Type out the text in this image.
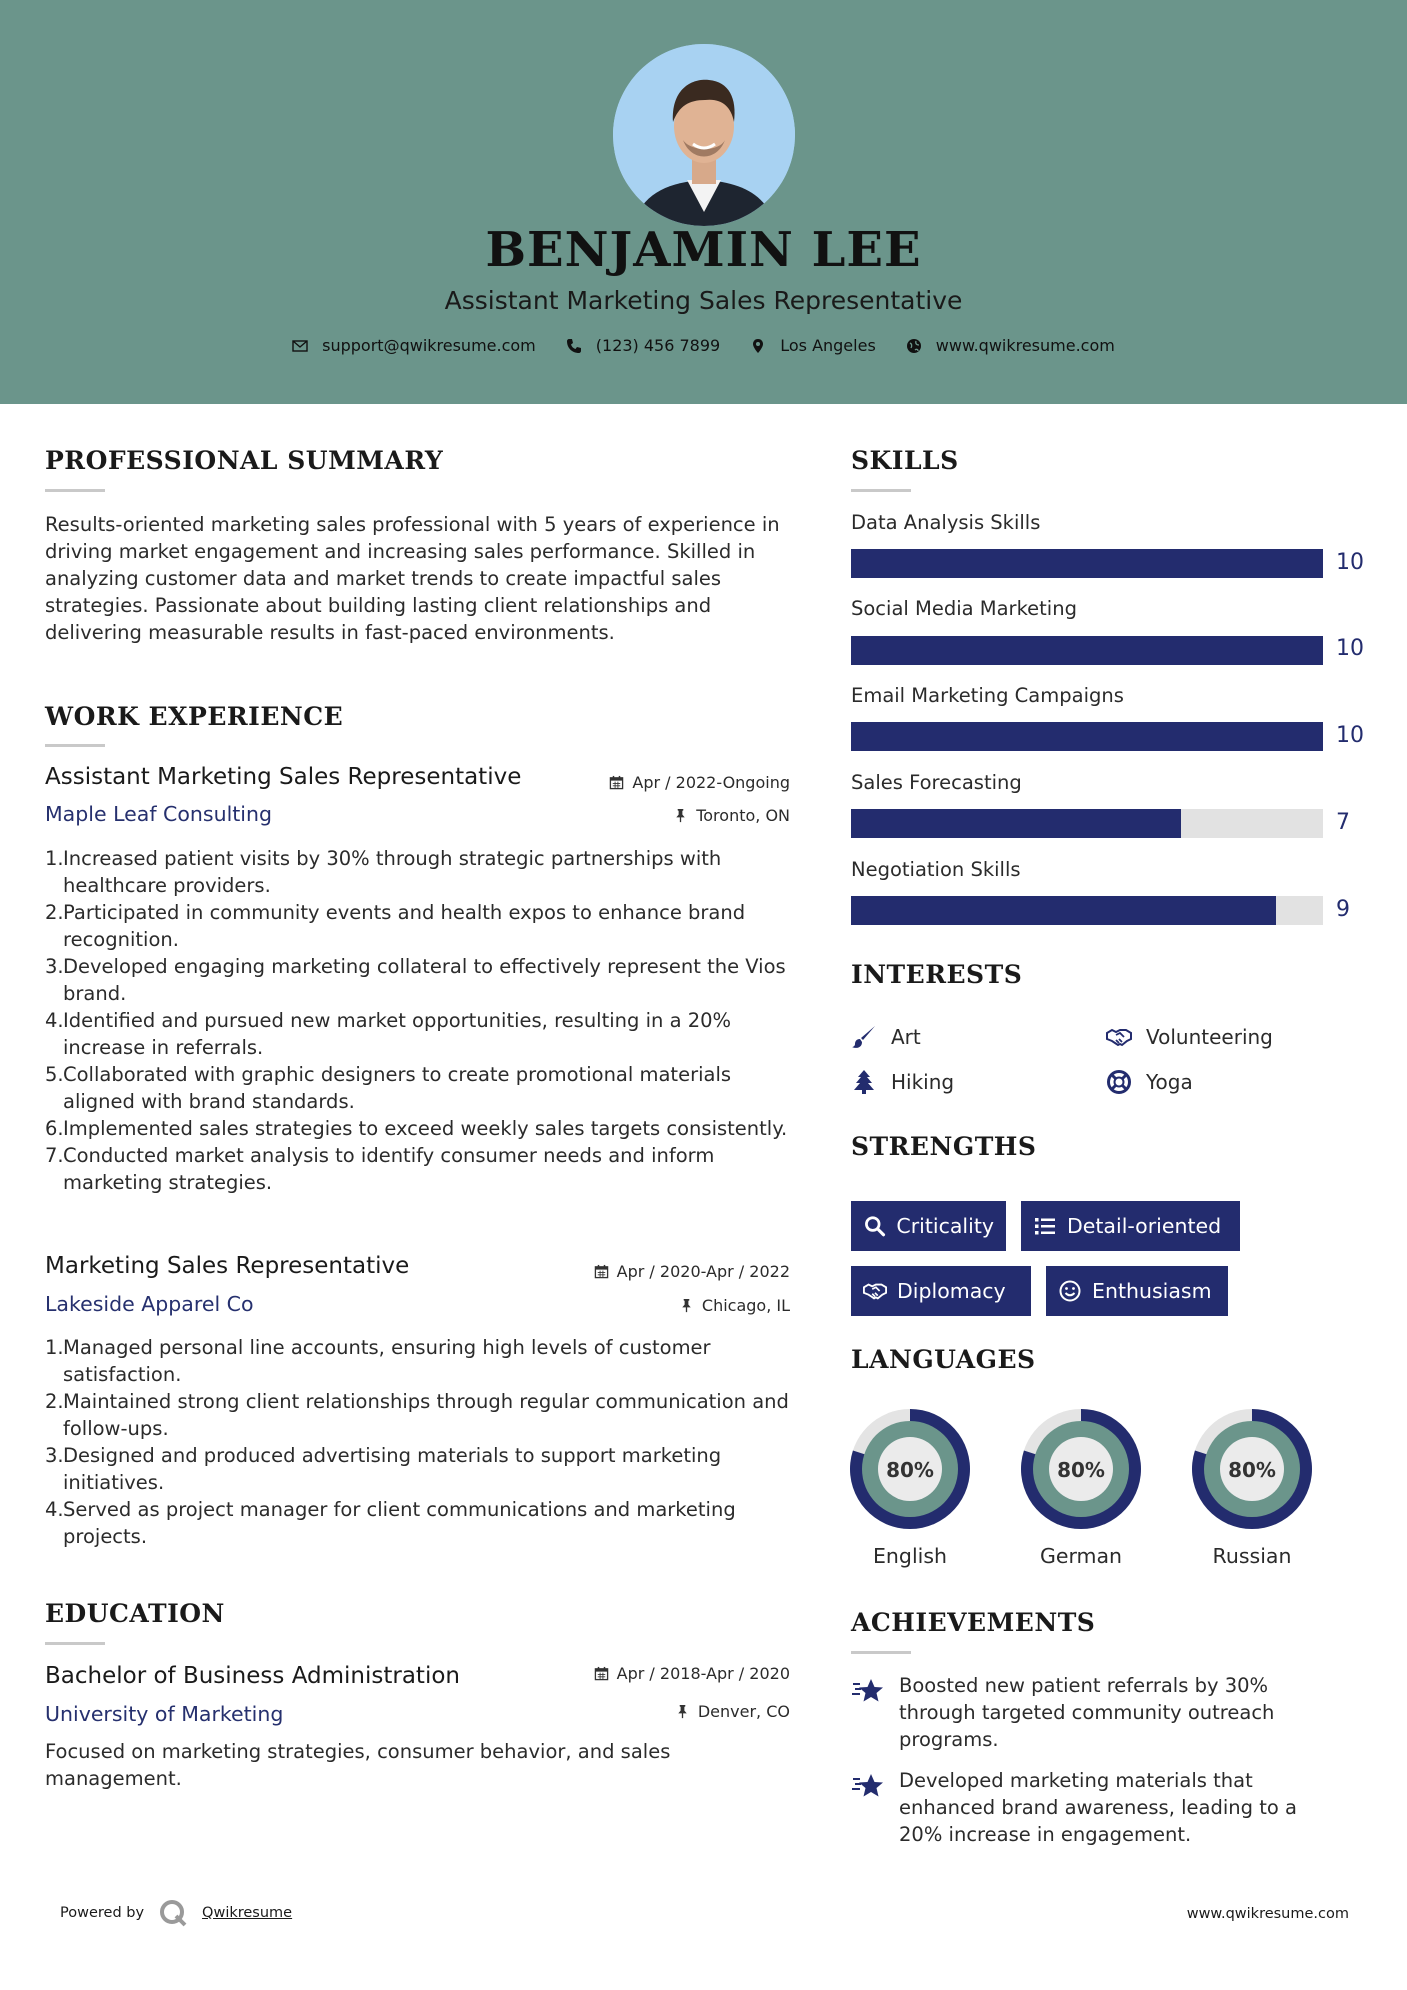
BENJAMIN LEE
Assistant Marketing Sales Representative
support@qwikresume.com	(123) 456 7899	Los Angeles	www.qwikresume.com
PROFESSIONAL SUMMARY
Results-oriented marketing sales professional with 5 years of experience in driving market engagement and increasing sales performance. Skilled in analyzing customer data and market trends to create impactful sales strategies. Passionate about building lasting client relationships and delivering measurable results in fast-paced environments.
WORK EXPERIENCE
Assistant Marketing Sales Representative	Apr / 2022-Ongoing
Maple Leaf Consulting	Toronto, ON
1. Increased patient visits by 30% through strategic partnerships with healthcare providers.
2. Participated in community events and health expos to enhance brand recognition.
3. Developed engaging marketing collateral to effectively represent the Vios brand.
4. Identified and pursued new market opportunities, resulting in a 20% increase in referrals.
5. Collaborated with graphic designers to create promotional materials aligned with brand standards.
6. Implemented sales strategies to exceed weekly sales targets consistently.
7. Conducted market analysis to identify consumer needs and inform marketing strategies.
Marketing Sales Representative	Apr / 2020-Apr / 2022
Lakeside Apparel Co	Chicago, IL
1. Managed personal line accounts, ensuring high levels of customer satisfaction.
2. Maintained strong client relationships through regular communication and follow-ups.
3. Designed and produced advertising materials to support marketing initiatives.
4. Served as project manager for client communications and marketing projects.
EDUCATION
Bachelor of Business Administration	Apr / 2018-Apr / 2020
University of Marketing	Denver, CO
Focused on marketing strategies, consumer behavior, and sales management.
SKILLS
Data Analysis Skills
10
Social Media Marketing
10
Email Marketing Campaigns
10
Sales Forecasting
7
Negotiation Skills
9
INTERESTS
Art	Volunteering
Hiking	Yoga
STRENGTHS
Criticality	Detail-oriented
Diplomacy	Enthusiasm
LANGUAGES
80%
English
80%
German
80%
Russian
ACHIEVEMENTS
Boosted new patient referrals by 30% through targeted community outreach programs.
Developed marketing materials that enhanced brand awareness, leading to a 20% increase in engagement.
Powered by	Qwikresume	www.qwikresume.com
